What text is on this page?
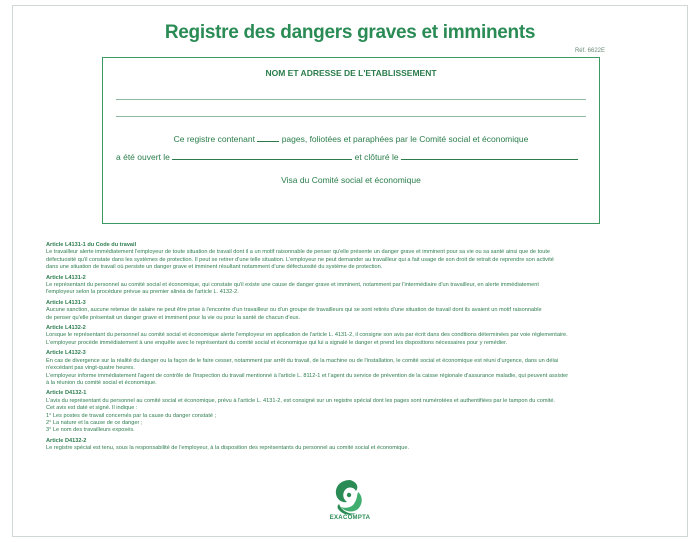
Registre des dangers graves et imminents
Réf. 6622E
NOM ET ADRESSE DE L'ETABLISSEMENT
Ce registre contenant	pages, foliotées et paraphées par le Comité social et économique
a été ouvert le	et clôturé le
Visa du Comité social et économique
Article L4131-1 du Code du travail
Le travailleur alerte immédiatement l'employeur de toute situation de travail dont il a un motif raisonnable de penser qu'elle présente un danger grave et imminent pour sa vie ou sa santé ainsi que de toute
défectuosité qu'il constate dans les systèmes de protection. Il peut se retirer d'une telle situation. L'employeur ne peut demander au travailleur qui a fait usage de son droit de retrait de reprendre son activité
dans une situation de travail où persiste un danger grave et imminent résultant notamment d'une défectuosité du système de protection.
Article L4131-2
Le représentant du personnel au comité social et économique, qui constate qu'il existe une cause de danger grave et imminent, notamment par l'intermédiaire d'un travailleur, en alerte immédiatement
l'employeur selon la procédure prévue au premier alinéa de l'article L. 4132-2.
Article L4131-3
Aucune sanction, aucune retenue de salaire ne peut être prise à l'encontre d'un travailleur ou d'un groupe de travailleurs qui se sont retirés d'une situation de travail dont ils avaient un motif raisonnable
de penser qu'elle présentait un danger grave et imminent pour la vie ou pour la santé de chacun d'eux.
Article L4132-2
Lorsque le représentant du personnel au comité social et économique alerte l'employeur en application de l'article L. 4131-2, il consigne son avis par écrit dans des conditions déterminées par voie réglementaire.
L'employeur procède immédiatement à une enquête avec le représentant du comité social et économique qui lui a signalé le danger et prend les dispositions nécessaires pour y remédier.
Article L4132-3
En cas de divergence sur la réalité du danger ou la façon de le faire cesser, notamment par arrêt du travail, de la machine ou de l'installation, le comité social et économique est réuni d'urgence, dans un délai
n'excédant pas vingt-quatre heures.
L'employeur informe immédiatement l'agent de contrôle de l'inspection du travail mentionné à l'article L. 8112-1 et l'agent du service de prévention de la caisse régionale d'assurance maladie, qui peuvent assister
à la réunion du comité social et économique.
Article D4132-1
L'avis du représentant du personnel au comité social et économique, prévu à l'article L. 4131-2, est consigné sur un registre spécial dont les pages sont numérotées et authentifiées par le tampon du comité.
Cet avis est daté et signé. Il indique :
1° Les postes de travail concernés par la cause du danger constaté ;
2° La nature et la cause de ce danger ;
3° Le nom des travailleurs exposés.
Article D4132-2
Le registre spécial est tenu, sous la responsabilité de l'employeur, à la disposition des représentants du personnel au comité social et économique.
EXACOMPTA
